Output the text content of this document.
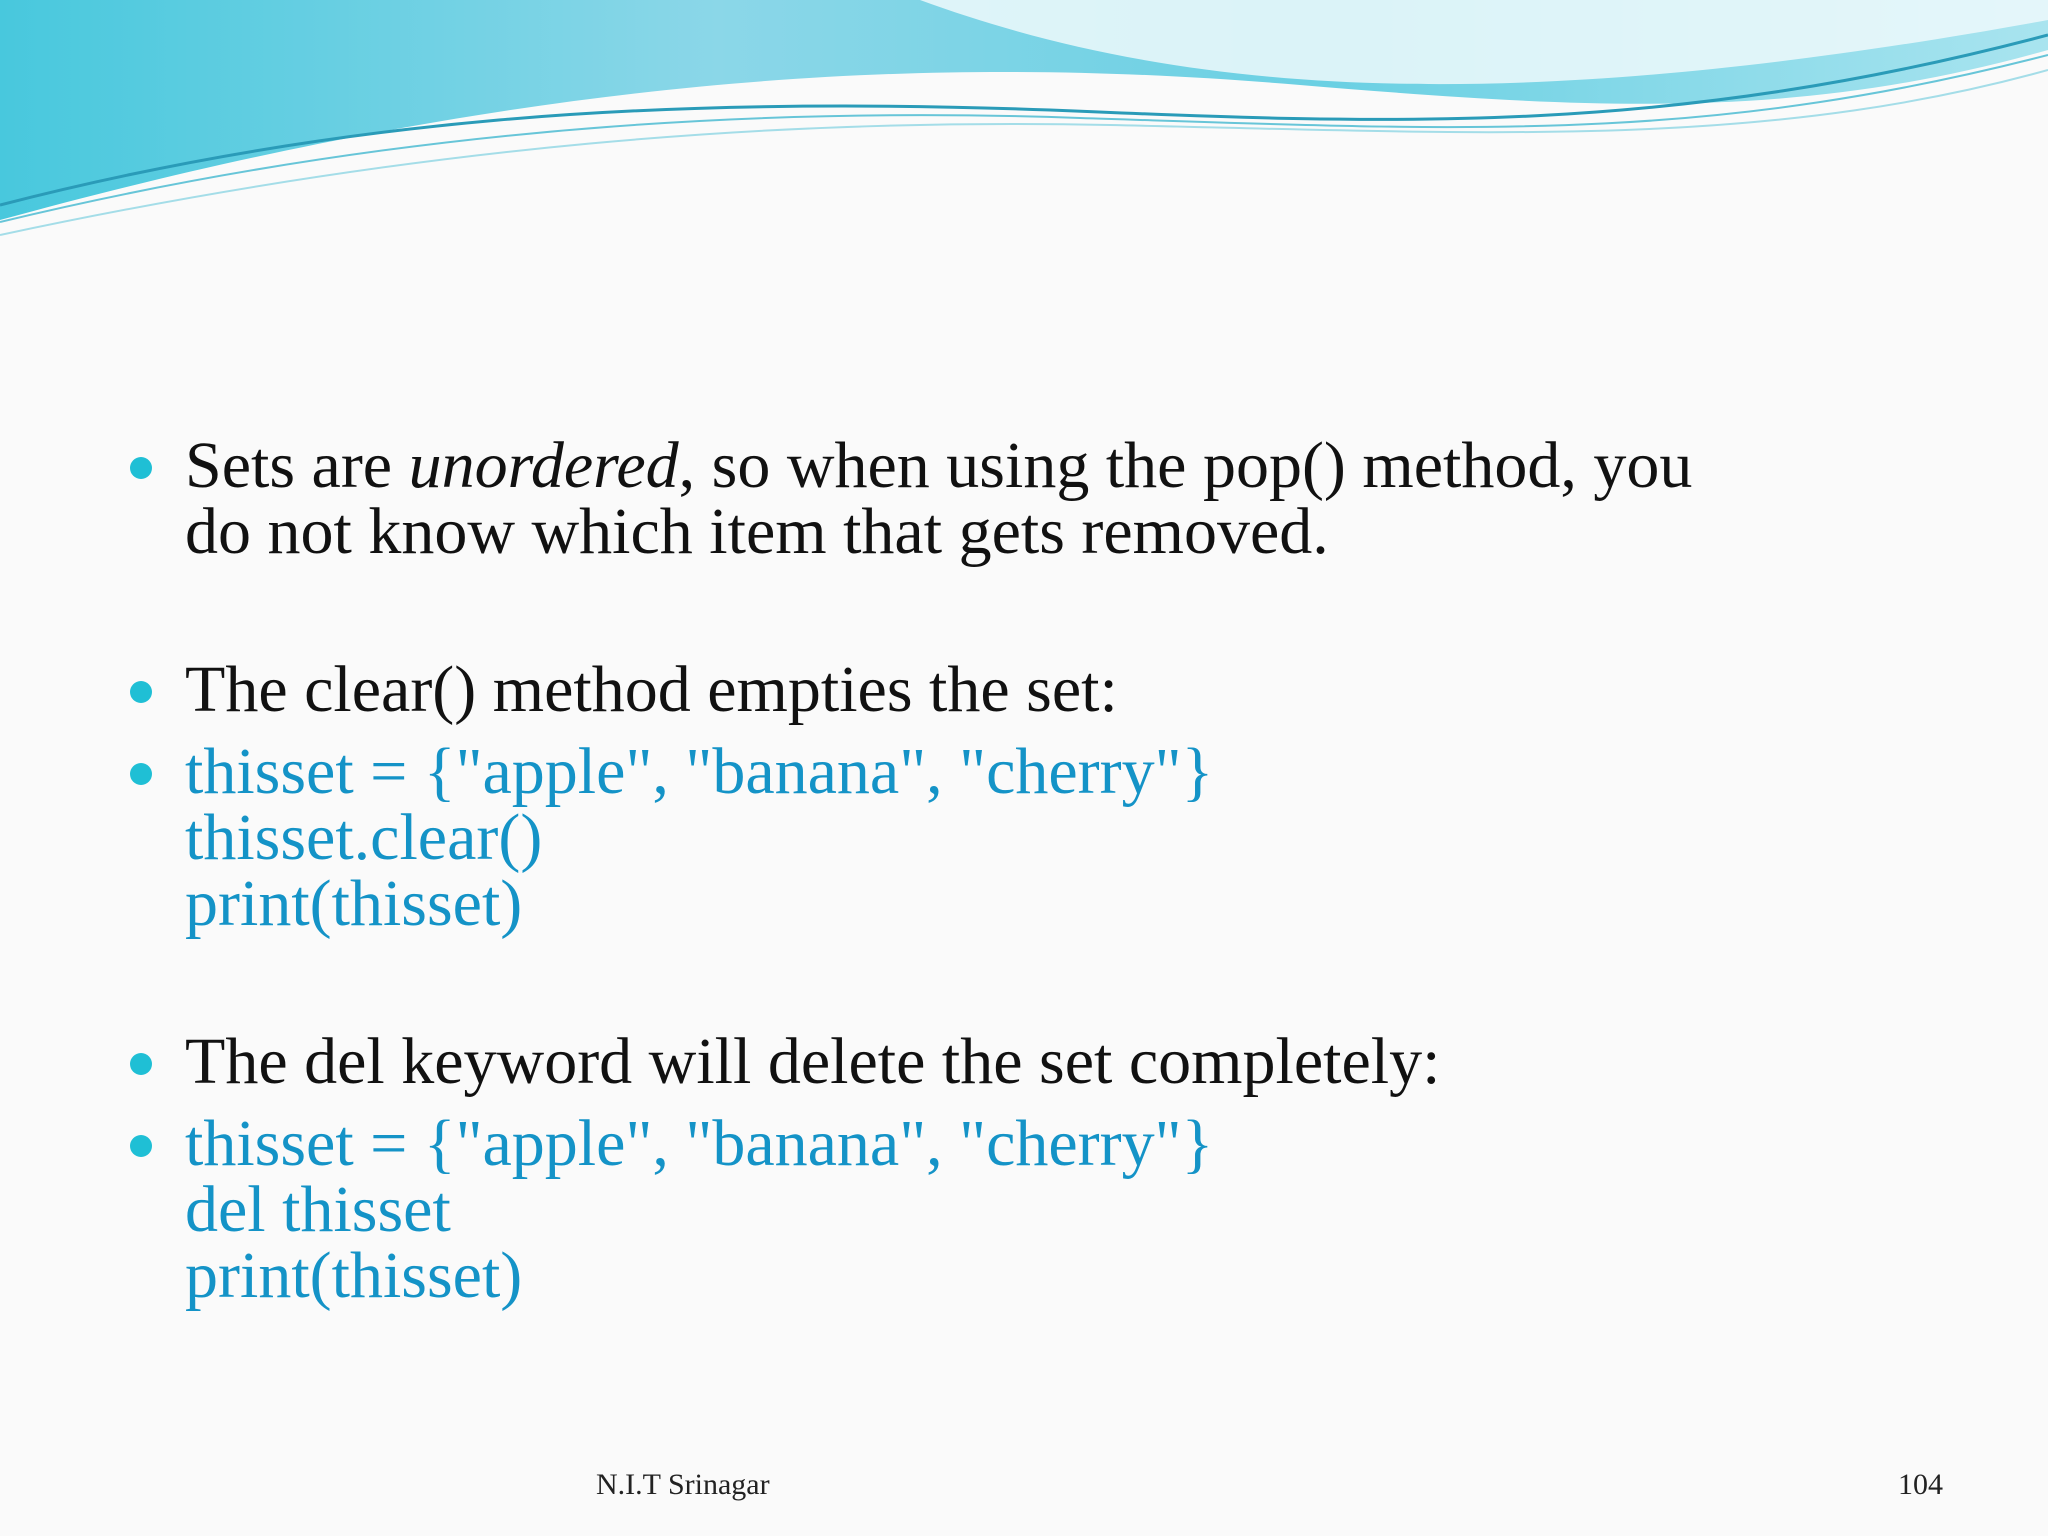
Sets are unordered, so when using the pop() method, you
do not know which item that gets removed.
The clear() method empties the set:
thisset = {"apple", "banana", "cherry"}
thisset.clear()
print(thisset)
The del keyword will delete the set completely:
thisset = {"apple", "banana", "cherry"}
del thisset
print(thisset)
N.I.T Srinagar	104
